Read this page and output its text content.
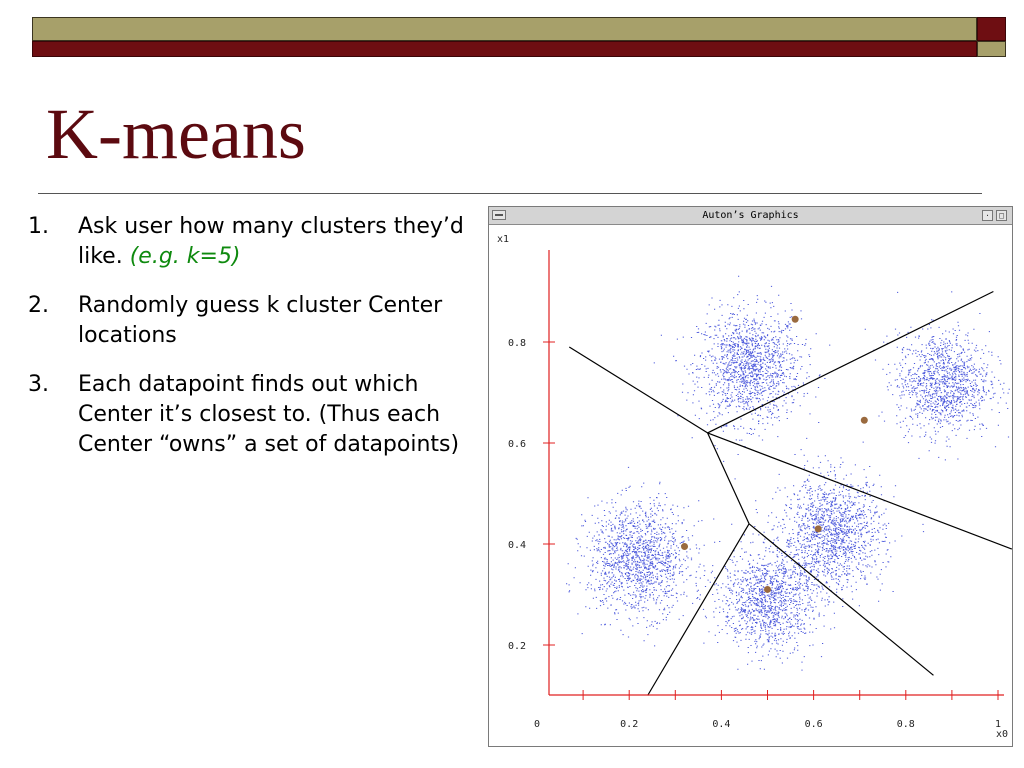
K-means
1. Ask user how many clusters they’d like. (e.g. k=5)
2. Randomly guess k cluster Center locations
3. Each datapoint finds out which Center it’s closest to. (Thus each Center “owns” a set of datapoints)
Auton’s Graphics	·	□
0	0.2	0.4	0.6	0.8	1
0.2
0.4
0.6
0.8
x1
x0
